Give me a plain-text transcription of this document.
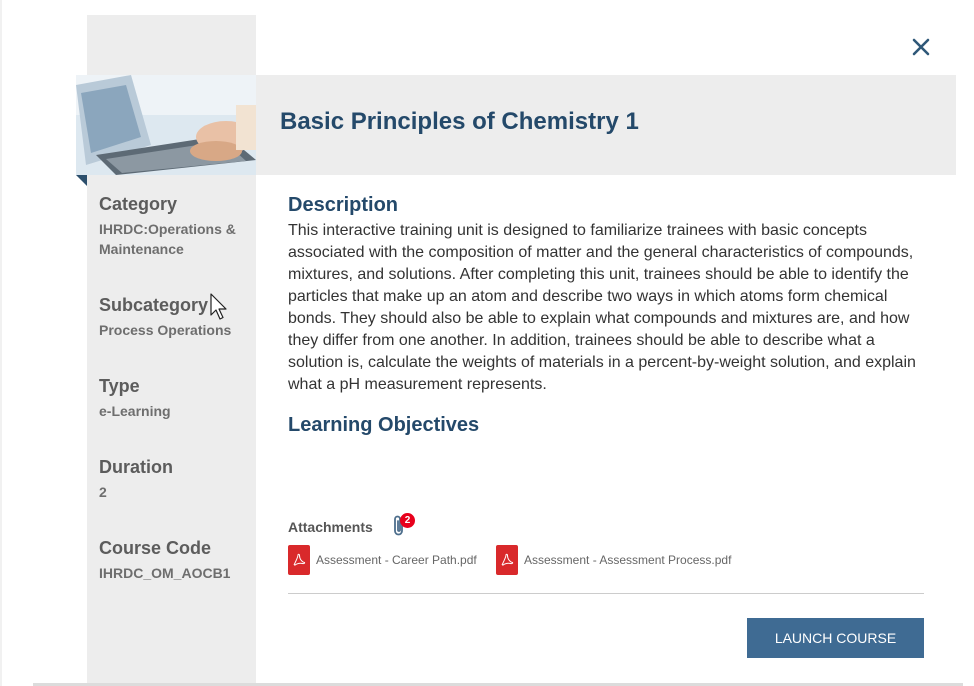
Basic Principles of Chemistry 1
Category
IHRDC:Operations & Maintenance
Subcategory
Process Operations
Type
e-Learning
Duration
2
Course Code
IHRDC_OM_AOCB1
Description

This interactive training unit is designed to familiarize trainees with basic concepts associated with the composition of matter and the general characteristics of compounds, mixtures, and solutions. After completing this unit, trainees should be able to identify the particles that make up an atom and describe two ways in which atoms form chemical bonds. They should also be able to explain what compounds and mixtures are, and how they differ from one another. In addition, trainees should be able to describe what a solution is, calculate the weights of materials in a percent-by-weight solution, and explain what a pH measurement represents.

Learning Objectives
Attachments	2
Assessment - Career Path.pdf	Assessment - Assessment Process.pdf
LAUNCH COURSE
